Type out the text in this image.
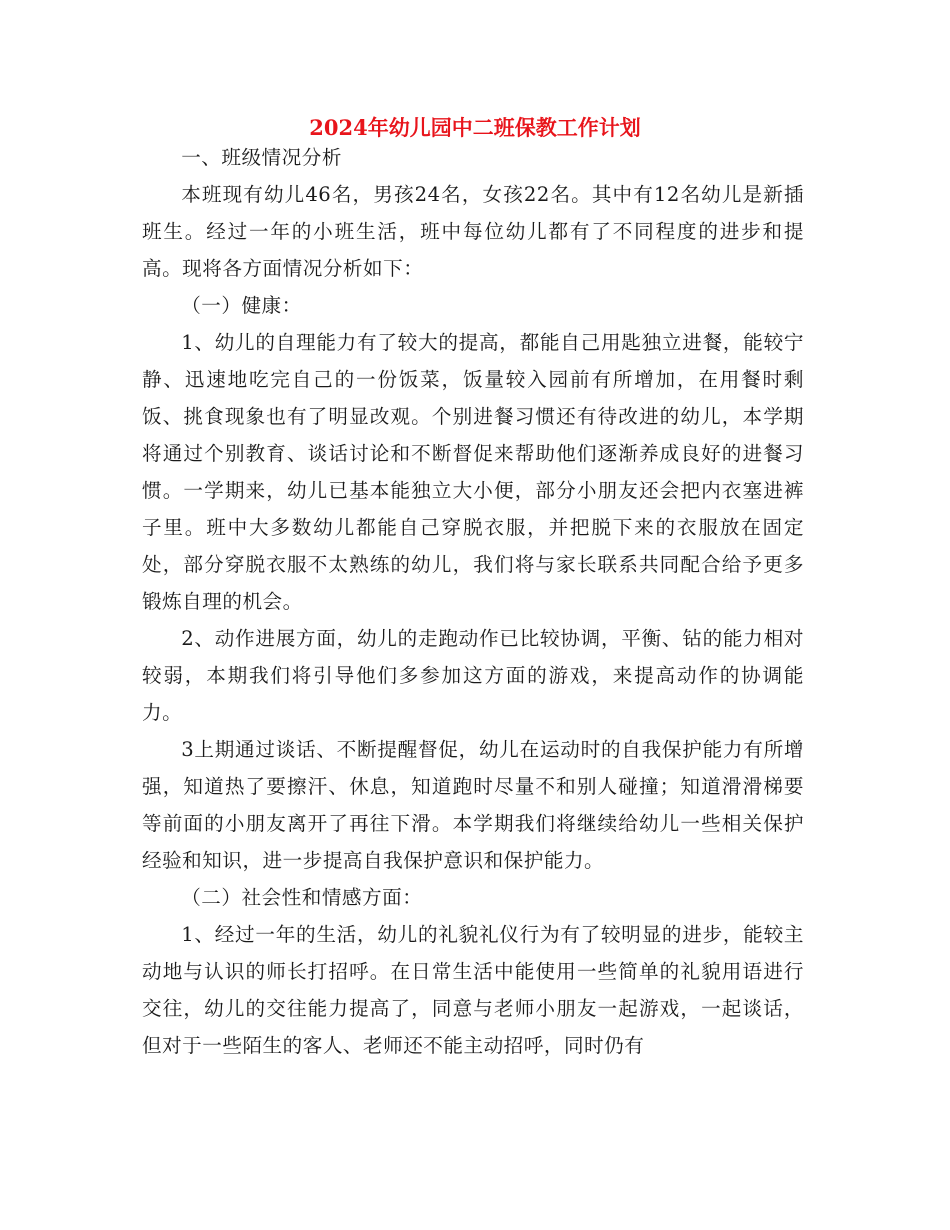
2024年幼儿园中二班保教工作计划

一、班级情况分析

本班现有幼儿46名，男孩24名，女孩22名。其中有12名幼儿是新插班生。经过一年的小班生活，班中每位幼儿都有了不同程度的进步和提高。现将各方面情况分析如下：

（一）健康：

1、幼儿的自理能力有了较大的提高，都能自己用匙独立进餐，能较宁静、迅速地吃完自己的一份饭菜，饭量较入园前有所增加，在用餐时剩饭、挑食现象也有了明显改观。个别进餐习惯还有待改进的幼儿，本学期将通过个别教育、谈话讨论和不断督促来帮助他们逐渐养成良好的进餐习惯。一学期来，幼儿已基本能独立大小便，部分小朋友还会把内衣塞进裤子里。班中大多数幼儿都能自己穿脱衣服，并把脱下来的衣服放在固定处，部分穿脱衣服不太熟练的幼儿，我们将与家长联系共同配合给予更多锻炼自理的机会。

2、动作进展方面，幼儿的走跑动作已比较协调，平衡、钻的能力相对较弱，本期我们将引导他们多参加这方面的游戏，来提高动作的协调能力。

3上期通过谈话、不断提醒督促，幼儿在运动时的自我保护能力有所增强，知道热了要擦汗、休息，知道跑时尽量不和别人碰撞；知道滑滑梯要等前面的小朋友离开了再往下滑。本学期我们将继续给幼儿一些相关保护经验和知识，进一步提高自我保护意识和保护能力。

（二）社会性和情感方面：

1、经过一年的生活，幼儿的礼貌礼仪行为有了较明显的进步，能较主动地与认识的师长打招呼。在日常生活中能使用一些简单的礼貌用语进行交往，幼儿的交往能力提高了，同意与老师小朋友一起游戏，一起谈话，但对于一些陌生的客人、老师还不能主动招呼，同时仍有
